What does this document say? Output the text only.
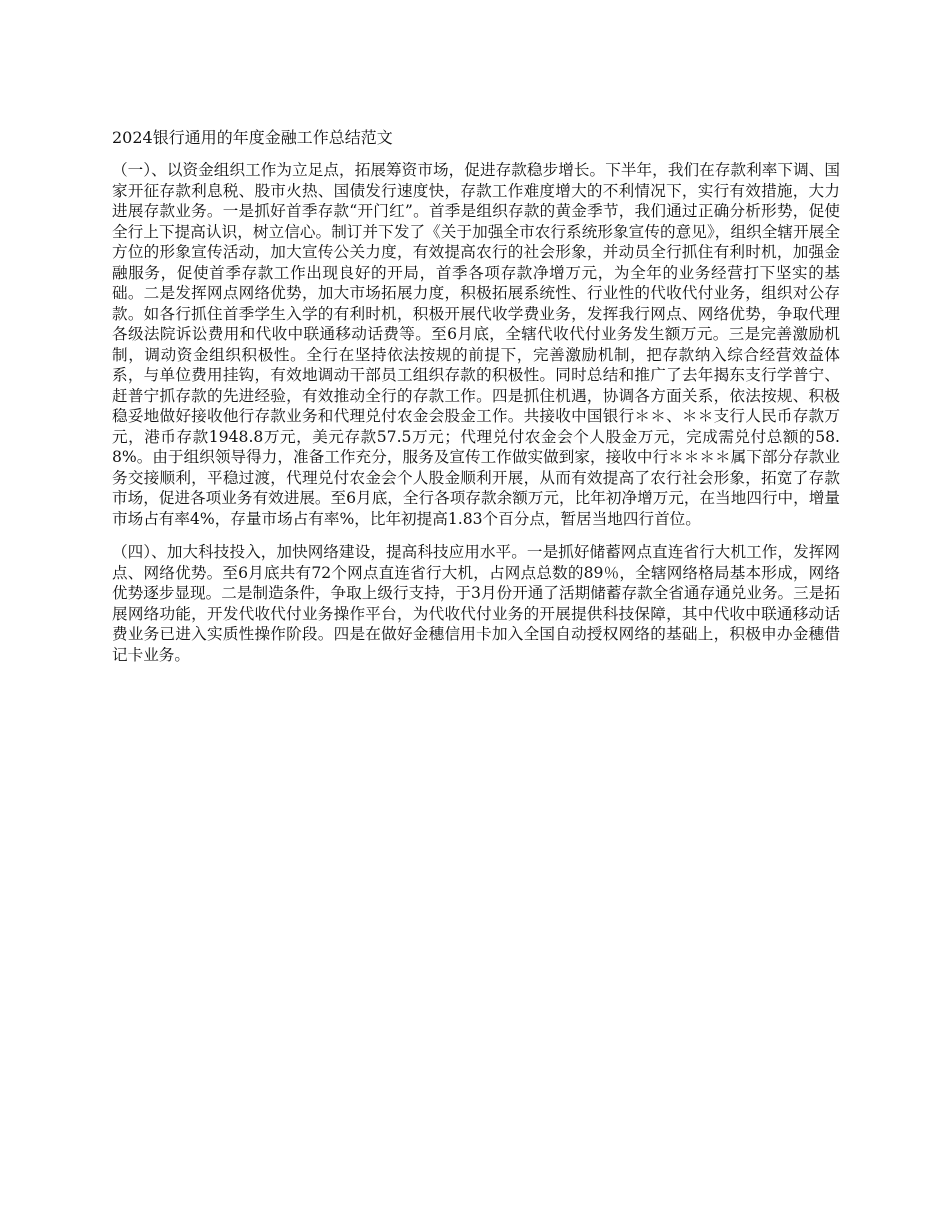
2024银行通用的年度金融工作总结范文

（一）、以资金组织工作为立足点，拓展筹资市场，促进存款稳步增长。下半年，我们在存款利率下调、国家开征存款利息税、股市火热、国债发行速度快，存款工作难度增大的不利情况下，实行有效措施，大力进展存款业务。一是抓好首季存款“开门红”。首季是组织存款的黄金季节，我们通过正确分析形势，促使全行上下提高认识，树立信心。制订并下发了《关于加强全市农行系统形象宣传的意见》，组织全辖开展全方位的形象宣传活动，加大宣传公关力度，有效提高农行的社会形象，并动员全行抓住有利时机，加强金融服务，促使首季存款工作出现良好的开局，首季各项存款净增万元，为全年的业务经营打下坚实的基础。二是发挥网点网络优势，加大市场拓展力度，积极拓展系统性、行业性的代收代付业务，组织对公存款。如各行抓住首季学生入学的有利时机，积极开展代收学费业务，发挥我行网点、网络优势，争取代理各级法院诉讼费用和代收中联通移动话费等。至6月底，全辖代收代付业务发生额万元。三是完善激励机制，调动资金组织积极性。全行在坚持依法按规的前提下，完善激励机制，把存款纳入综合经营效益体系，与单位费用挂钩，有效地调动干部员工组织存款的积极性。同时总结和推广了去年揭东支行学普宁、赶普宁抓存款的先进经验，有效推动全行的存款工作。四是抓住机遇，协调各方面关系，依法按规、积极稳妥地做好接收他行存款业务和代理兑付农金会股金工作。共接收中国银行＊＊、＊＊支行人民币存款万元，港币存款1948.8万元，美元存款57.5万元；代理兑付农金会个人股金万元，完成需兑付总额的58.8%。由于组织领导得力，准备工作充分，服务及宣传工作做实做到家，接收中行＊＊＊＊属下部分存款业务交接顺利，平稳过渡，代理兑付农金会个人股金顺利开展，从而有效提高了农行社会形象，拓宽了存款市场，促进各项业务有效进展。至6月底，全行各项存款余额万元，比年初净增万元，在当地四行中，增量市场占有率4%，存量市场占有率%，比年初提高1.83个百分点，暂居当地四行首位。

（四）、加大科技投入，加快网络建设，提高科技应用水平。一是抓好储蓄网点直连省行大机工作，发挥网点、网络优势。至6月底共有72个网点直连省行大机，占网点总数的89％，全辖网络格局基本形成，网络优势逐步显现。二是制造条件，争取上级行支持，于3月份开通了活期储蓄存款全省通存通兑业务。三是拓展网络功能，开发代收代付业务操作平台，为代收代付业务的开展提供科技保障，其中代收中联通移动话费业务已进入实质性操作阶段。四是在做好金穗信用卡加入全国自动授权网络的基础上，积极申办金穗借记卡业务。
